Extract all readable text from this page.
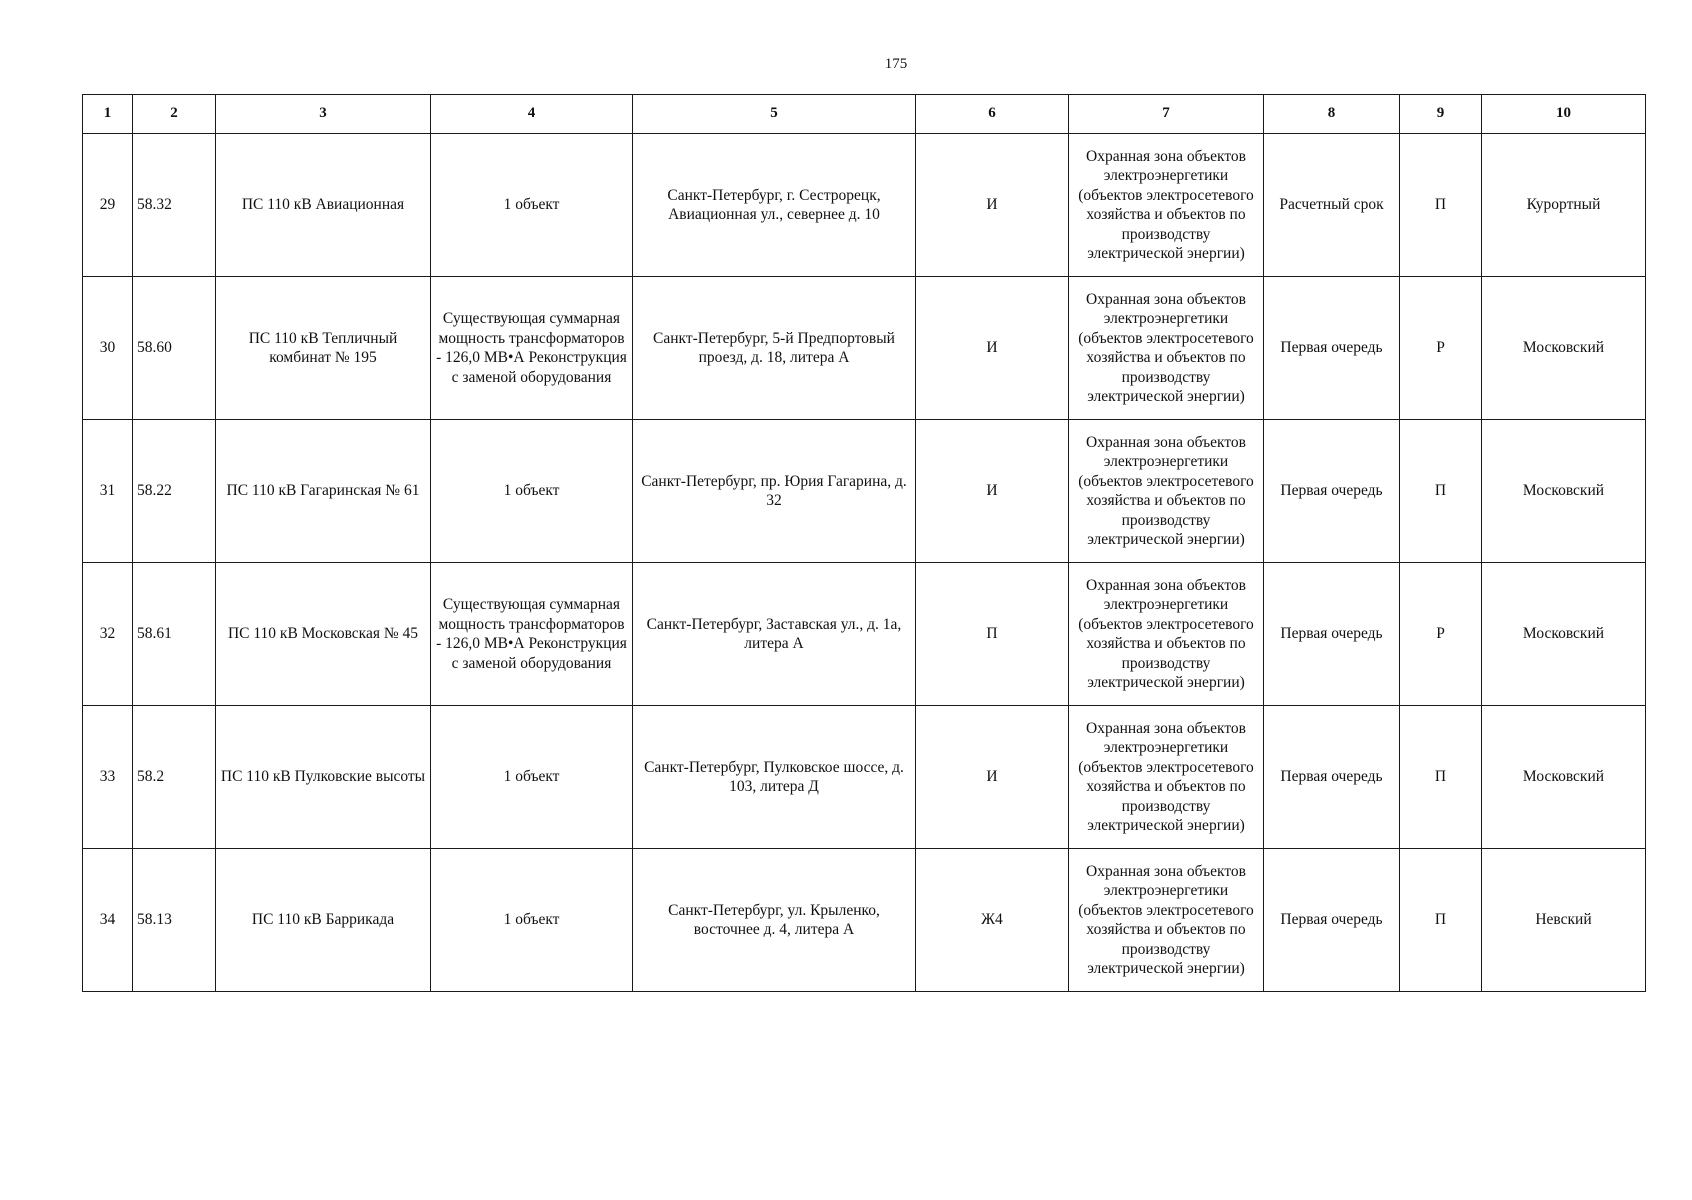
175
1	2	3	4	5	6	7	8	9	10
29	58.32	ПС 110 кВ Авиационная	1 объект	Санкт-Петербург, г. Сестрорецк, Авиационная ул., севернее д. 10	И	Охранная зона объектов электроэнергетики (объектов электросетевого хозяйства и объектов по производству электрической энергии)	Расчетный срок	П	Курортный
30	58.60	ПС 110 кВ Тепличный комбинат № 195	Существующая суммарная мощность трансформаторов - 126,0 МВ•А Реконструкция с заменой оборудования	Санкт-Петербург, 5-й Предпортовый проезд, д. 18, литера А	И	Охранная зона объектов электроэнергетики (объектов электросетевого хозяйства и объектов по производству электрической энергии)	Первая очередь	Р	Московский
31	58.22	ПС 110 кВ Гагаринская № 61	1 объект	Санкт-Петербург, пр. Юрия Гагарина, д. 32	И	Охранная зона объектов электроэнергетики (объектов электросетевого хозяйства и объектов по производству электрической энергии)	Первая очередь	П	Московский
32	58.61	ПС 110 кВ Московская № 45	Существующая суммарная мощность трансформаторов - 126,0 МВ•А Реконструкция с заменой оборудования	Санкт-Петербург, Заставская ул., д. 1а, литера А	П	Охранная зона объектов электроэнергетики (объектов электросетевого хозяйства и объектов по производству электрической энергии)	Первая очередь	Р	Московский
33	58.2	ПС 110 кВ Пулковские высоты	1 объект	Санкт-Петербург, Пулковское шоссе, д. 103, литера Д	И	Охранная зона объектов электроэнергетики (объектов электросетевого хозяйства и объектов по производству электрической энергии)	Первая очередь	П	Московский
34	58.13	ПС 110 кВ Баррикада	1 объект	Санкт-Петербург, ул. Крыленко, восточнее д. 4, литера А	Ж4	Охранная зона объектов электроэнергетики (объектов электросетевого хозяйства и объектов по производству электрической энергии)	Первая очередь	П	Невский
